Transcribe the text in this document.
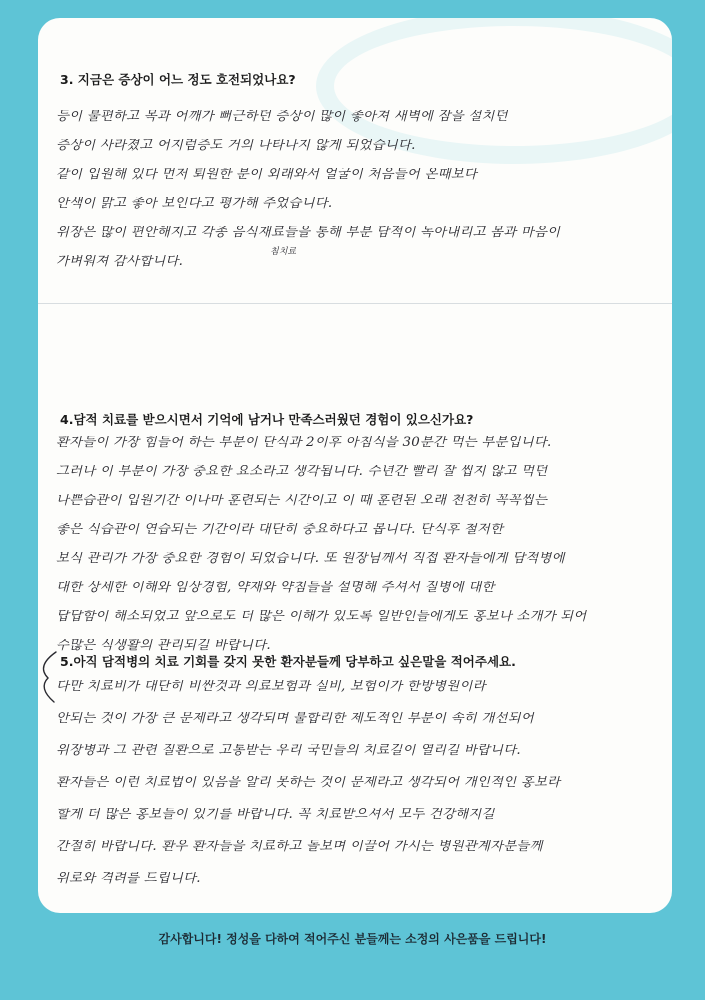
3. 지금은 증상이 어느 정도 호전되었나요?
침치료
등이 불편하고 목과 어깨가 뻐근하던 증상이 많이 좋아져 새벽에 잠을 설치던
증상이 사라졌고 어지럼증도 거의 나타나지 않게 되었습니다.
같이 입원해 있다 먼저 퇴원한 분이 외래와서 얼굴이 처음들어 온때보다
안색이 맑고 좋아 보인다고 평가해 주었습니다.
위장은 많이 편안해지고 각종 음식재료들을 통해 부분 담적이 녹아내리고 몸과 마음이
가벼워져 감사합니다.
4.담적 치료를 받으시면서 기억에 남거나 만족스러웠던 경험이 있으신가요?
환자들이 가장 힘들어 하는 부분이 단식과 2이후 아침식을 30분간 먹는 부분입니다.
그러나 이 부분이 가장 중요한 요소라고 생각됩니다. 수년간 빨리 잘 씹지 않고 먹던
나쁜습관이 입원기간 이나마 훈련되는 시간이고 이 때 훈련된 오래 천천히 꼭꼭씹는
좋은 식습관이 연습되는 기간이라 대단히 중요하다고 봅니다. 단식후 철저한
보식 관리가 가장 중요한 경험이 되었습니다. 또 원장님께서 직접 환자들에게 담적병에
대한 상세한 이해와 임상경험, 약재와 약침들을 설명해 주셔서 질병에 대한
답답함이 해소되었고 앞으로도 더 많은 이해가 있도록 일반인들에게도 홍보나 소개가 되어
수많은 식생활의 관리되길 바랍니다.
5.아직 담적병의 치료 기회를 갖지 못한 환자분들께 당부하고 싶은말을 적어주세요.
다만 치료비가 대단히 비싼것과 의료보험과 실비, 보험이가 한방병원이라
안되는 것이 가장 큰 문제라고 생각되며 불합리한 제도적인 부분이 속히 개선되어
위장병과 그 관련 질환으로 고통받는 우리 국민들의 치료길이 열리길 바랍니다.
환자들은 이런 치료법이 있음을 알리 못하는 것이 문제라고 생각되어 개인적인 홍보라
할게 더 많은 홍보들이 있기를 바랍니다. 꼭 치료받으셔서 모두 건강해지길
간절히 바랍니다. 환우 환자들을 치료하고 돌보며 이끌어 가시는 병원관계자분들께
위로와 격려를 드립니다.
감사합니다! 정성을 다하여 적어주신 분들께는 소정의 사은품을 드립니다!
